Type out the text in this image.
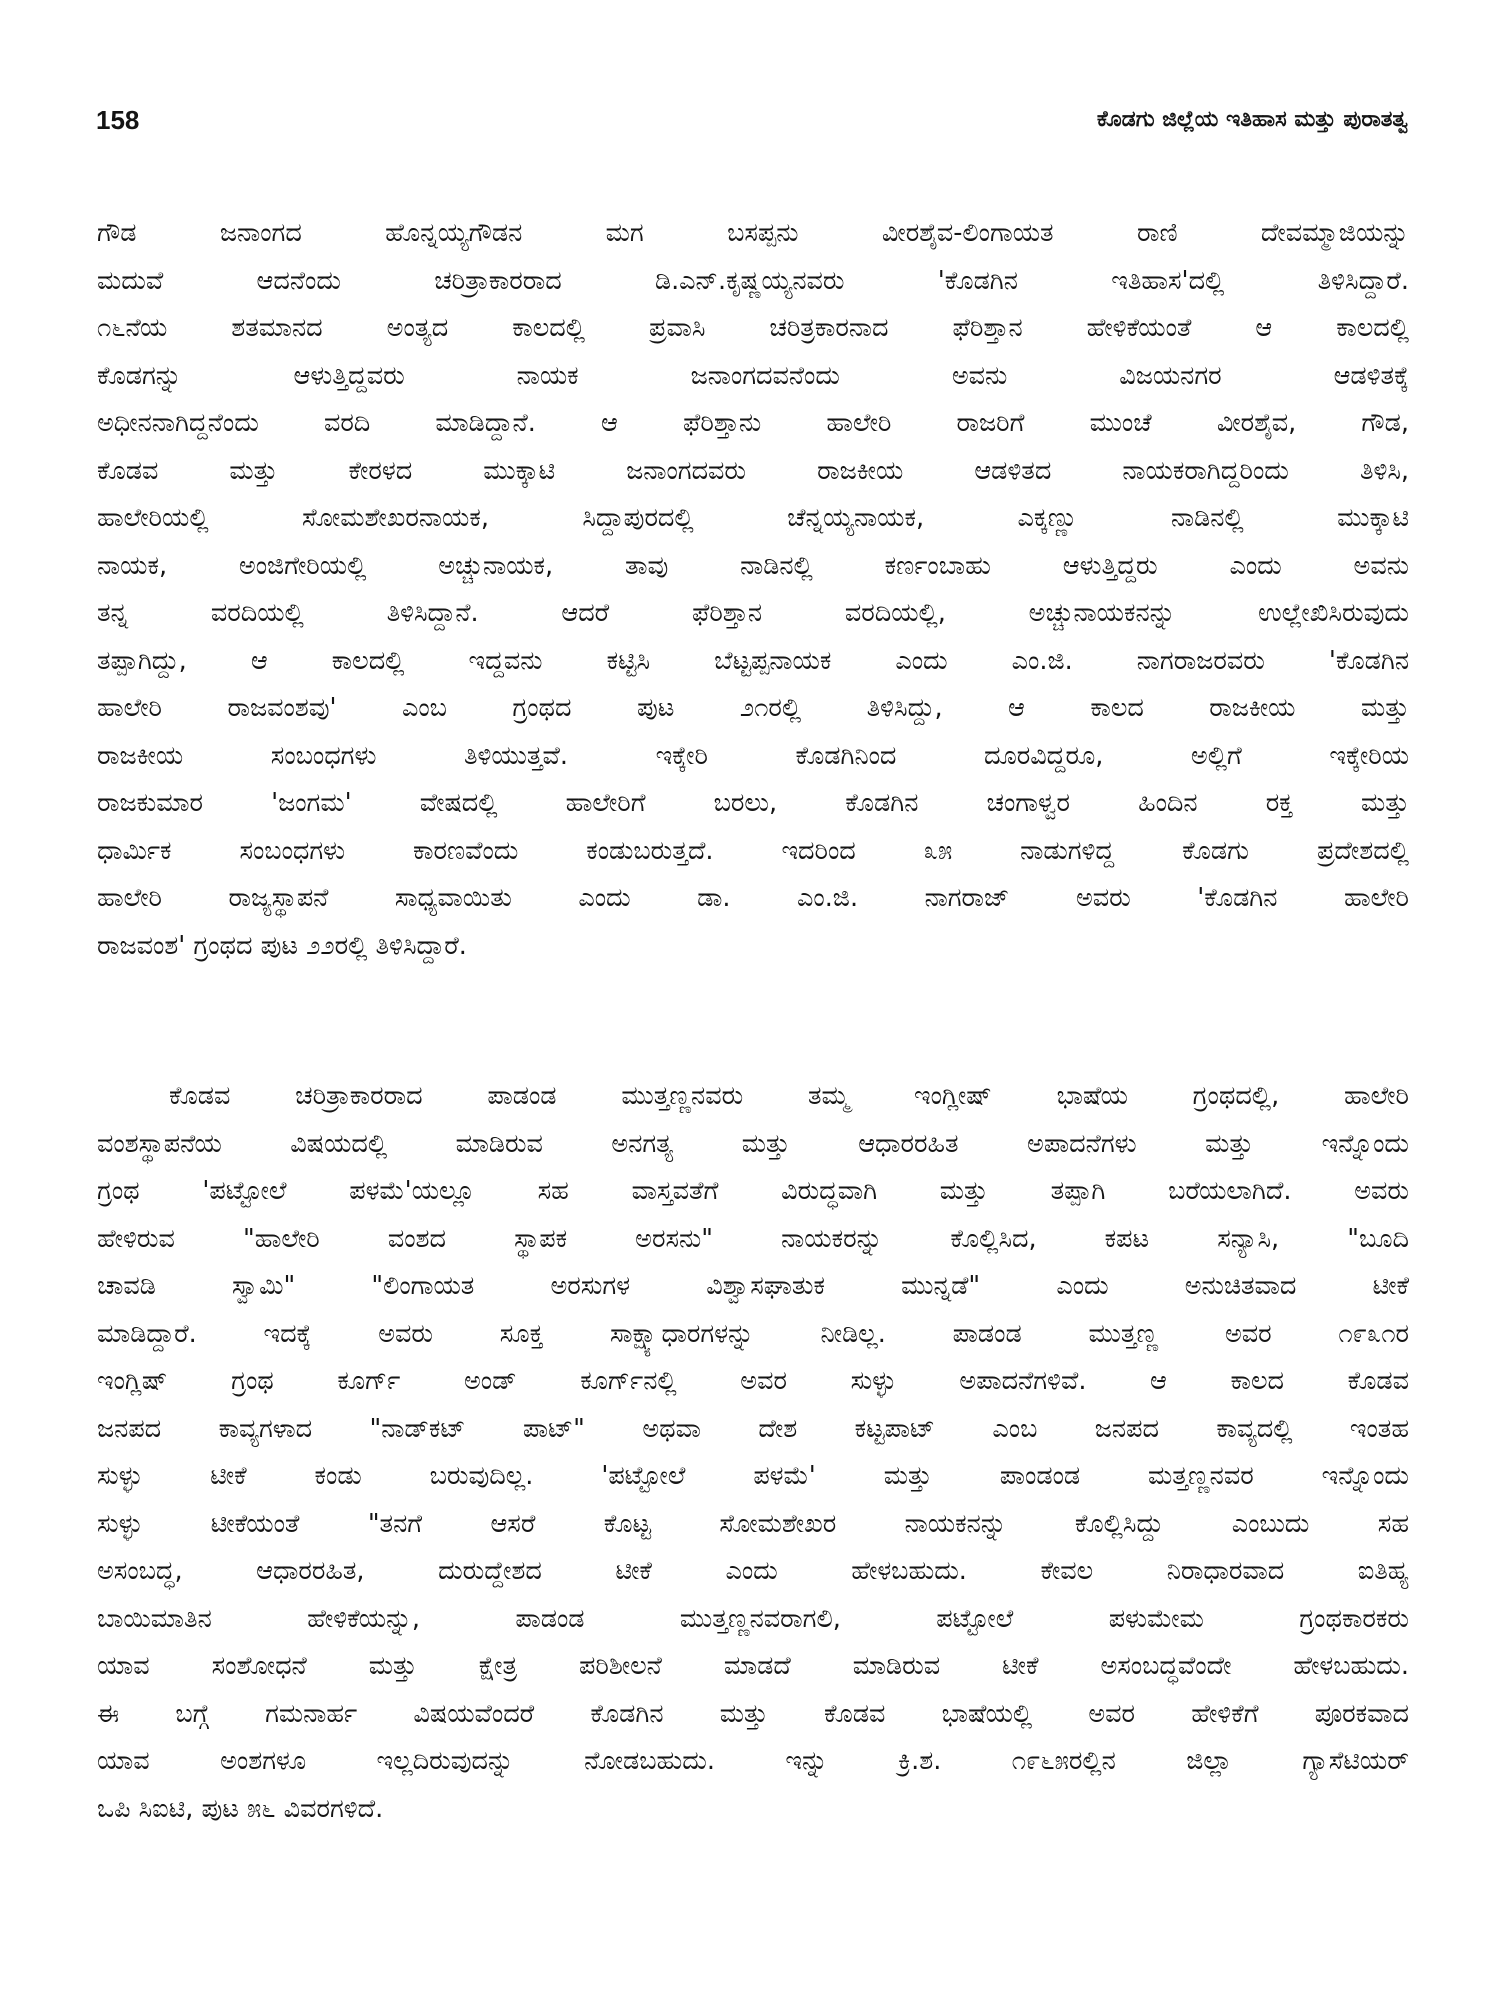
158	ಕೊಡಗು ಜಿಲ್ಲೆಯ ಇತಿಹಾಸ ಮತ್ತು ಪುರಾತತ್ವ
ಗೌಡ ಜನಾಂಗದ ಹೊನ್ನಯ್ಯಗೌಡನ ಮಗ ಬಸಪ್ಪನು ವೀರಶೈವ-ಲಿಂಗಾಯತ ರಾಣಿ ದೇವಮ್ಮಾಜಿಯನ್ನು
ಮದುವೆ ಆದನೆಂದು ಚರಿತ್ರಾಕಾರರಾದ ಡಿ.ಎನ್.ಕೃಷ್ಣಯ್ಯನವರು 'ಕೊಡಗಿನ ಇತಿಹಾಸ'ದಲ್ಲಿ ತಿಳಿಸಿದ್ದಾರೆ.
೧೬ನೆಯ ಶತಮಾನದ ಅಂತ್ಯದ ಕಾಲದಲ್ಲಿ ಪ್ರವಾಸಿ ಚರಿತ್ರಕಾರನಾದ ಫೆರಿಶ್ತಾನ ಹೇಳಿಕೆಯಂತೆ ಆ ಕಾಲದಲ್ಲಿ
ಕೊಡಗನ್ನು ಆಳುತ್ತಿದ್ದವರು ನಾಯಕ ಜನಾಂಗದವನೆಂದು ಅವನು ವಿಜಯನಗರ ಆಡಳಿತಕ್ಕೆ
ಅಧೀನನಾಗಿದ್ದನೆಂದು ವರದಿ ಮಾಡಿದ್ದಾನೆ. ಆ ಫೆರಿಶ್ತಾನು ಹಾಲೇರಿ ರಾಜರಿಗೆ ಮುಂಚೆ ವೀರಶೈವ, ಗೌಡ,
ಕೊಡವ ಮತ್ತು ಕೇರಳದ ಮುಕ್ಕಾಟಿ ಜನಾಂಗದವರು ರಾಜಕೀಯ ಆಡಳಿತದ ನಾಯಕರಾಗಿದ್ದರಿಂದು ತಿಳಿಸಿ,
ಹಾಲೇರಿಯಲ್ಲಿ ಸೋಮಶೇಖರನಾಯಕ, ಸಿದ್ದಾಪುರದಲ್ಲಿ ಚೆನ್ನಯ್ಯನಾಯಕ, ಎಕ್ಕಣ್ಣು ನಾಡಿನಲ್ಲಿ ಮುಕ್ಕಾಟಿ
ನಾಯಕ, ಅಂಜಿಗೇರಿಯಲ್ಲಿ ಅಚ್ಚುನಾಯಕ, ತಾವು ನಾಡಿನಲ್ಲಿ ಕರ್ಣಂಬಾಹು ಆಳುತ್ತಿದ್ದರು ಎಂದು ಅವನು
ತನ್ನ ವರದಿಯಲ್ಲಿ ತಿಳಿಸಿದ್ದಾನೆ. ಆದರೆ ಫೆರಿಶ್ತಾನ ವರದಿಯಲ್ಲಿ, ಅಚ್ಚುನಾಯಕನನ್ನು ಉಲ್ಲೇಖಿಸಿರುವುದು
ತಪ್ಪಾಗಿದ್ದು, ಆ ಕಾಲದಲ್ಲಿ ಇದ್ದವನು ಕಟ್ಟಿಸಿ ಬೆಟ್ಟಪ್ಪನಾಯಕ ಎಂದು ಎಂ.ಜಿ. ನಾಗರಾಜರವರು 'ಕೊಡಗಿನ
ಹಾಲೇರಿ ರಾಜವಂಶವು' ಎಂಬ ಗ್ರಂಥದ ಪುಟ ೨೧ರಲ್ಲಿ ತಿಳಿಸಿದ್ದು, ಆ ಕಾಲದ ರಾಜಕೀಯ ಮತ್ತು
ರಾಜಕೀಯ ಸಂಬಂಧಗಳು ತಿಳಿಯುತ್ತವೆ. ಇಕ್ಕೇರಿ ಕೊಡಗಿನಿಂದ ದೂರವಿದ್ದರೂ, ಅಲ್ಲಿಗೆ ಇಕ್ಕೇರಿಯ
ರಾಜಕುಮಾರ 'ಜಂಗಮ' ವೇಷದಲ್ಲಿ ಹಾಲೇರಿಗೆ ಬರಲು, ಕೊಡಗಿನ ಚಂಗಾಳ್ವರ ಹಿಂದಿನ ರಕ್ತ ಮತ್ತು
ಧಾರ್ಮಿಕ ಸಂಬಂಧಗಳು ಕಾರಣವೆಂದು ಕಂಡುಬರುತ್ತದೆ. ಇದರಿಂದ ೩೫ ನಾಡುಗಳಿದ್ದ ಕೊಡಗು ಪ್ರದೇಶದಲ್ಲಿ
ಹಾಲೇರಿ ರಾಜ್ಯಸ್ಥಾಪನೆ ಸಾಧ್ಯವಾಯಿತು ಎಂದು ಡಾ. ಎಂ.ಜಿ. ನಾಗರಾಜ್ ಅವರು 'ಕೊಡಗಿನ ಹಾಲೇರಿ
ರಾಜವಂಶ' ಗ್ರಂಥದ ಪುಟ ೨೨ರಲ್ಲಿ ತಿಳಿಸಿದ್ದಾರೆ.
ಕೊಡವ ಚರಿತ್ರಾಕಾರರಾದ ಪಾಡಂಡ ಮುತ್ತಣ್ಣನವರು ತಮ್ಮ ಇಂಗ್ಲೀಷ್ ಭಾಷೆಯ ಗ್ರಂಥದಲ್ಲಿ, ಹಾಲೇರಿ
ವಂಶಸ್ಥಾಪನೆಯ ವಿಷಯದಲ್ಲಿ ಮಾಡಿರುವ ಅನಗತ್ಯ ಮತ್ತು ಆಧಾರರಹಿತ ಅಪಾದನೆಗಳು ಮತ್ತು ಇನ್ನೊಂದು
ಗ್ರಂಥ 'ಪಟ್ಟೋಲೆ ಪಳಮೆ'ಯಲ್ಲೂ ಸಹ ವಾಸ್ತವತೆಗೆ ವಿರುದ್ಧವಾಗಿ ಮತ್ತು ತಪ್ಪಾಗಿ ಬರೆಯಲಾಗಿದೆ. ಅವರು
ಹೇಳಿರುವ "ಹಾಲೇರಿ ವಂಶದ ಸ್ಥಾಪಕ ಅರಸನು" ನಾಯಕರನ್ನು ಕೊಲ್ಲಿಸಿದ, ಕಪಟ ಸನ್ಯಾಸಿ, "ಬೂದಿ
ಚಾವಡಿ ಸ್ವಾಮಿ" "ಲಿಂಗಾಯತ ಅರಸುಗಳ ವಿಶ್ವಾಸಘಾತುಕ ಮುನ್ನಡೆ" ಎಂದು ಅನುಚಿತವಾದ ಟೀಕೆ
ಮಾಡಿದ್ದಾರೆ. ಇದಕ್ಕೆ ಅವರು ಸೂಕ್ತ ಸಾಕ್ಷ್ಯಾಧಾರಗಳನ್ನು ನೀಡಿಲ್ಲ. ಪಾಡಂಡ ಮುತ್ತಣ್ಣ ಅವರ ೧೯೩೧ರ
ಇಂಗ್ಲಿಷ್ ಗ್ರಂಥ ಕೂರ್ಗ್ ಅಂಡ್ ಕೂರ್ಗ್‌ನಲ್ಲಿ ಅವರ ಸುಳ್ಳು ಅಪಾದನೆಗಳಿವೆ. ಆ ಕಾಲದ ಕೊಡವ
ಜನಪದ ಕಾವ್ಯಗಳಾದ "ನಾಡ್‌ಕಟ್ ಪಾಟ್" ಅಥವಾ ದೇಶ ಕಟ್ಟಪಾಟ್ ಎಂಬ ಜನಪದ ಕಾವ್ಯದಲ್ಲಿ ಇಂತಹ
ಸುಳ್ಳು ಟೀಕೆ ಕಂಡು ಬರುವುದಿಲ್ಲ. 'ಪಟ್ಟೋಲೆ ಪಳಮೆ' ಮತ್ತು ಪಾಂಡಂಡ ಮತ್ತಣ್ಣನವರ ಇನ್ನೊಂದು
ಸುಳ್ಳು ಟೀಕೆಯಂತೆ "ತನಗೆ ಆಸರೆ ಕೊಟ್ಟ ಸೋಮಶೇಖರ ನಾಯಕನನ್ನು ಕೊಲ್ಲಿಸಿದ್ದು ಎಂಬುದು ಸಹ
ಅಸಂಬದ್ಧ, ಆಧಾರರಹಿತ, ದುರುದ್ದೇಶದ ಟೀಕೆ ಎಂದು ಹೇಳಬಹುದು. ಕೇವಲ ನಿರಾಧಾರವಾದ ಐತಿಹ್ಯ
ಬಾಯಿಮಾತಿನ ಹೇಳಿಕೆಯನ್ನು, ಪಾಡಂಡ ಮುತ್ತಣ್ಣನವರಾಗಲಿ, ಪಟ್ಟೋಲೆ ಪಳುಮೇಮ ಗ್ರಂಥಕಾರಕರು
ಯಾವ ಸಂಶೋಧನೆ ಮತ್ತು ಕ್ಷೇತ್ರ ಪರಿಶೀಲನೆ ಮಾಡದೆ ಮಾಡಿರುವ ಟೀಕೆ ಅಸಂಬದ್ಧವೆಂದೇ ಹೇಳಬಹುದು.
ಈ ಬಗ್ಗೆ ಗಮನಾರ್ಹ ವಿಷಯವೆಂದರೆ ಕೊಡಗಿನ ಮತ್ತು ಕೊಡವ ಭಾಷೆಯಲ್ಲಿ ಅವರ ಹೇಳಿಕೆಗೆ ಪೂರಕವಾದ
ಯಾವ ಅಂಶಗಳೂ ಇಲ್ಲದಿರುವುದನ್ನು ನೋಡಬಹುದು. ಇನ್ನು ಕ್ರಿ.ಶ. ೧೯೬೫ರಲ್ಲಿನ ಜಿಲ್ಲಾ ಗ್ಯಾಸೆಟಿಯರ್
ಒಪಿ ಸಿಐಟಿ, ಪುಟ ೫೬ ವಿವರಗಳಿದೆ.
